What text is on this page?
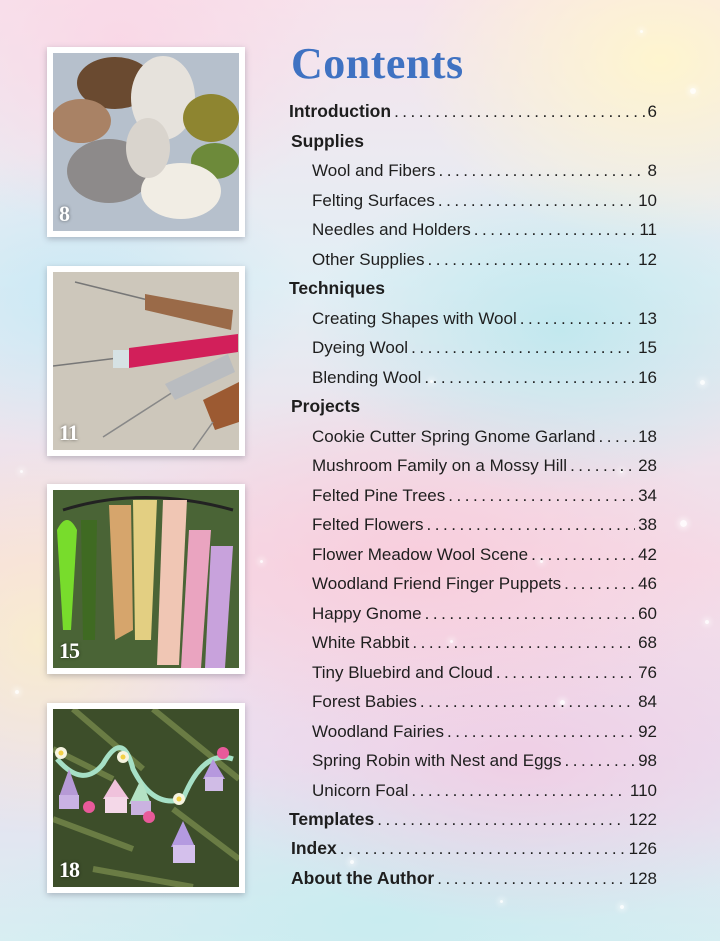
8
11
15
18
Contents
Introduction . . .	6
Supplies
Wool and Fibers . . .	8
Felting Surfaces . . .	10
Needles and Holders . . .	11
Other Supplies . . .	12
Techniques
Creating Shapes with Wool . . .	13
Dyeing Wool . . .	15
Blending Wool . . .	16
Projects
Cookie Cutter Spring Gnome Garland . . .	18
Mushroom Family on a Mossy Hill . . .	28
Felted Pine Trees . . .	34
Felted Flowers . . .	38
Flower Meadow Wool Scene . . .	42
Woodland Friend Finger Puppets . . .	46
Happy Gnome . . .	60
White Rabbit . . .	68
Tiny Bluebird and Cloud . . .	76
Forest Babies . . .	84
Woodland Fairies . . .	92
Spring Robin with Nest and Eggs . . .	98
Unicorn Foal . . .	110
Templates . . .	122
Index . . .	126
About the Author . . .	128
